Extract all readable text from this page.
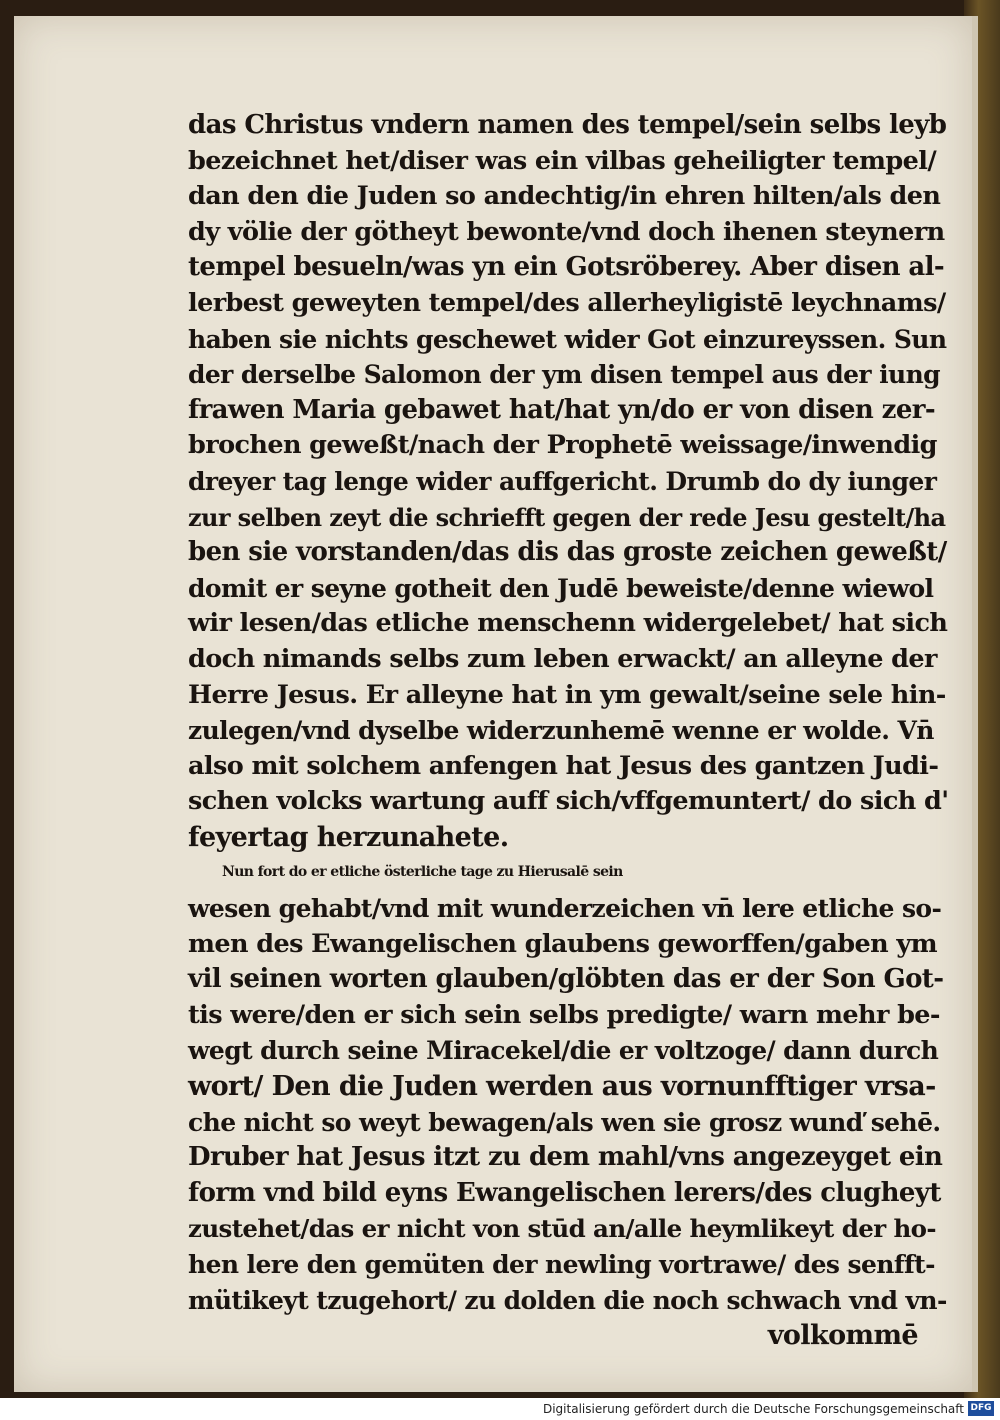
das Christus vndern namen des tempel/sein selbs leyb
bezeichnet het/diser was ein vilbas geheiligter tempel/
dan den die Juden so andechtig/in ehren hilten/als den
dy völie der götheyt bewonte/vnd doch ihenen steynern
tempel besueln/was yn ein Gotsröberey. Aber disen al-
lerbest geweyten tempel/des allerheyligistē leychnams/
haben sie nichts geschewet wider Got einzureyssen. Sun
der derselbe Salomon der ym disen tempel aus der iung
frawen Maria gebawet hat/hat yn/do er von disen zer-
brochen geweßt/nach der Prophetē weissage/inwendig
dreyer tag lenge wider auffgericht. Drumb do dy iunger
zur selben zeyt die schriefft gegen der rede Jesu gestelt/ha
ben sie vorstanden/das dis das groste zeichen geweßt/
domit er seyne gotheit den Judē beweiste/denne wiewol
wir lesen/das etliche menschenn widergelebet/ hat sich
doch nimands selbs zum leben erwackt/ an alleyne der
Herre Jesus. Er alleyne hat in ym gewalt/seine sele hin-
zulegen/vnd dyselbe widerzunhemē wenne er wolde. Vn̄
also mit solchem anfengen hat Jesus des gantzen Judi-
schen volcks wartung auff sich/vffgemuntert/ do sich d'
feyertag herzunahete.
Nun fort do er etliche österliche tage zu Hierusalē sein
wesen gehabt/vnd mit wunderzeichen vn̄ lere etliche so-
men des Ewangelischen glaubens geworffen/gaben ym
vil seinen worten glauben/glöbten das er der Son Got-
tis were/den er sich sein selbs predigte/ warn mehr be-
wegt durch seine Miracekel/die er voltzoge/ dann durch
wort/ Den die Juden werden aus vornunfftiger vrsa-
che nicht so weyt bewagen/als wen sie grosz wunď sehē.
Druber hat Jesus itzt zu dem mahl/vns angezeyget ein
form vnd bild eyns Ewangelischen lerers/des clugheyt
zustehet/das er nicht von stūd an/alle heymlikeyt der ho-
hen lere den gemüten der newling vortrawe/ des senfft-
mütikeyt tzugehort/ zu dolden die noch schwach vnd vn-
volkommē
Digitalisierung gefördert durch die Deutsche Forschungsgemeinschaft DFG
